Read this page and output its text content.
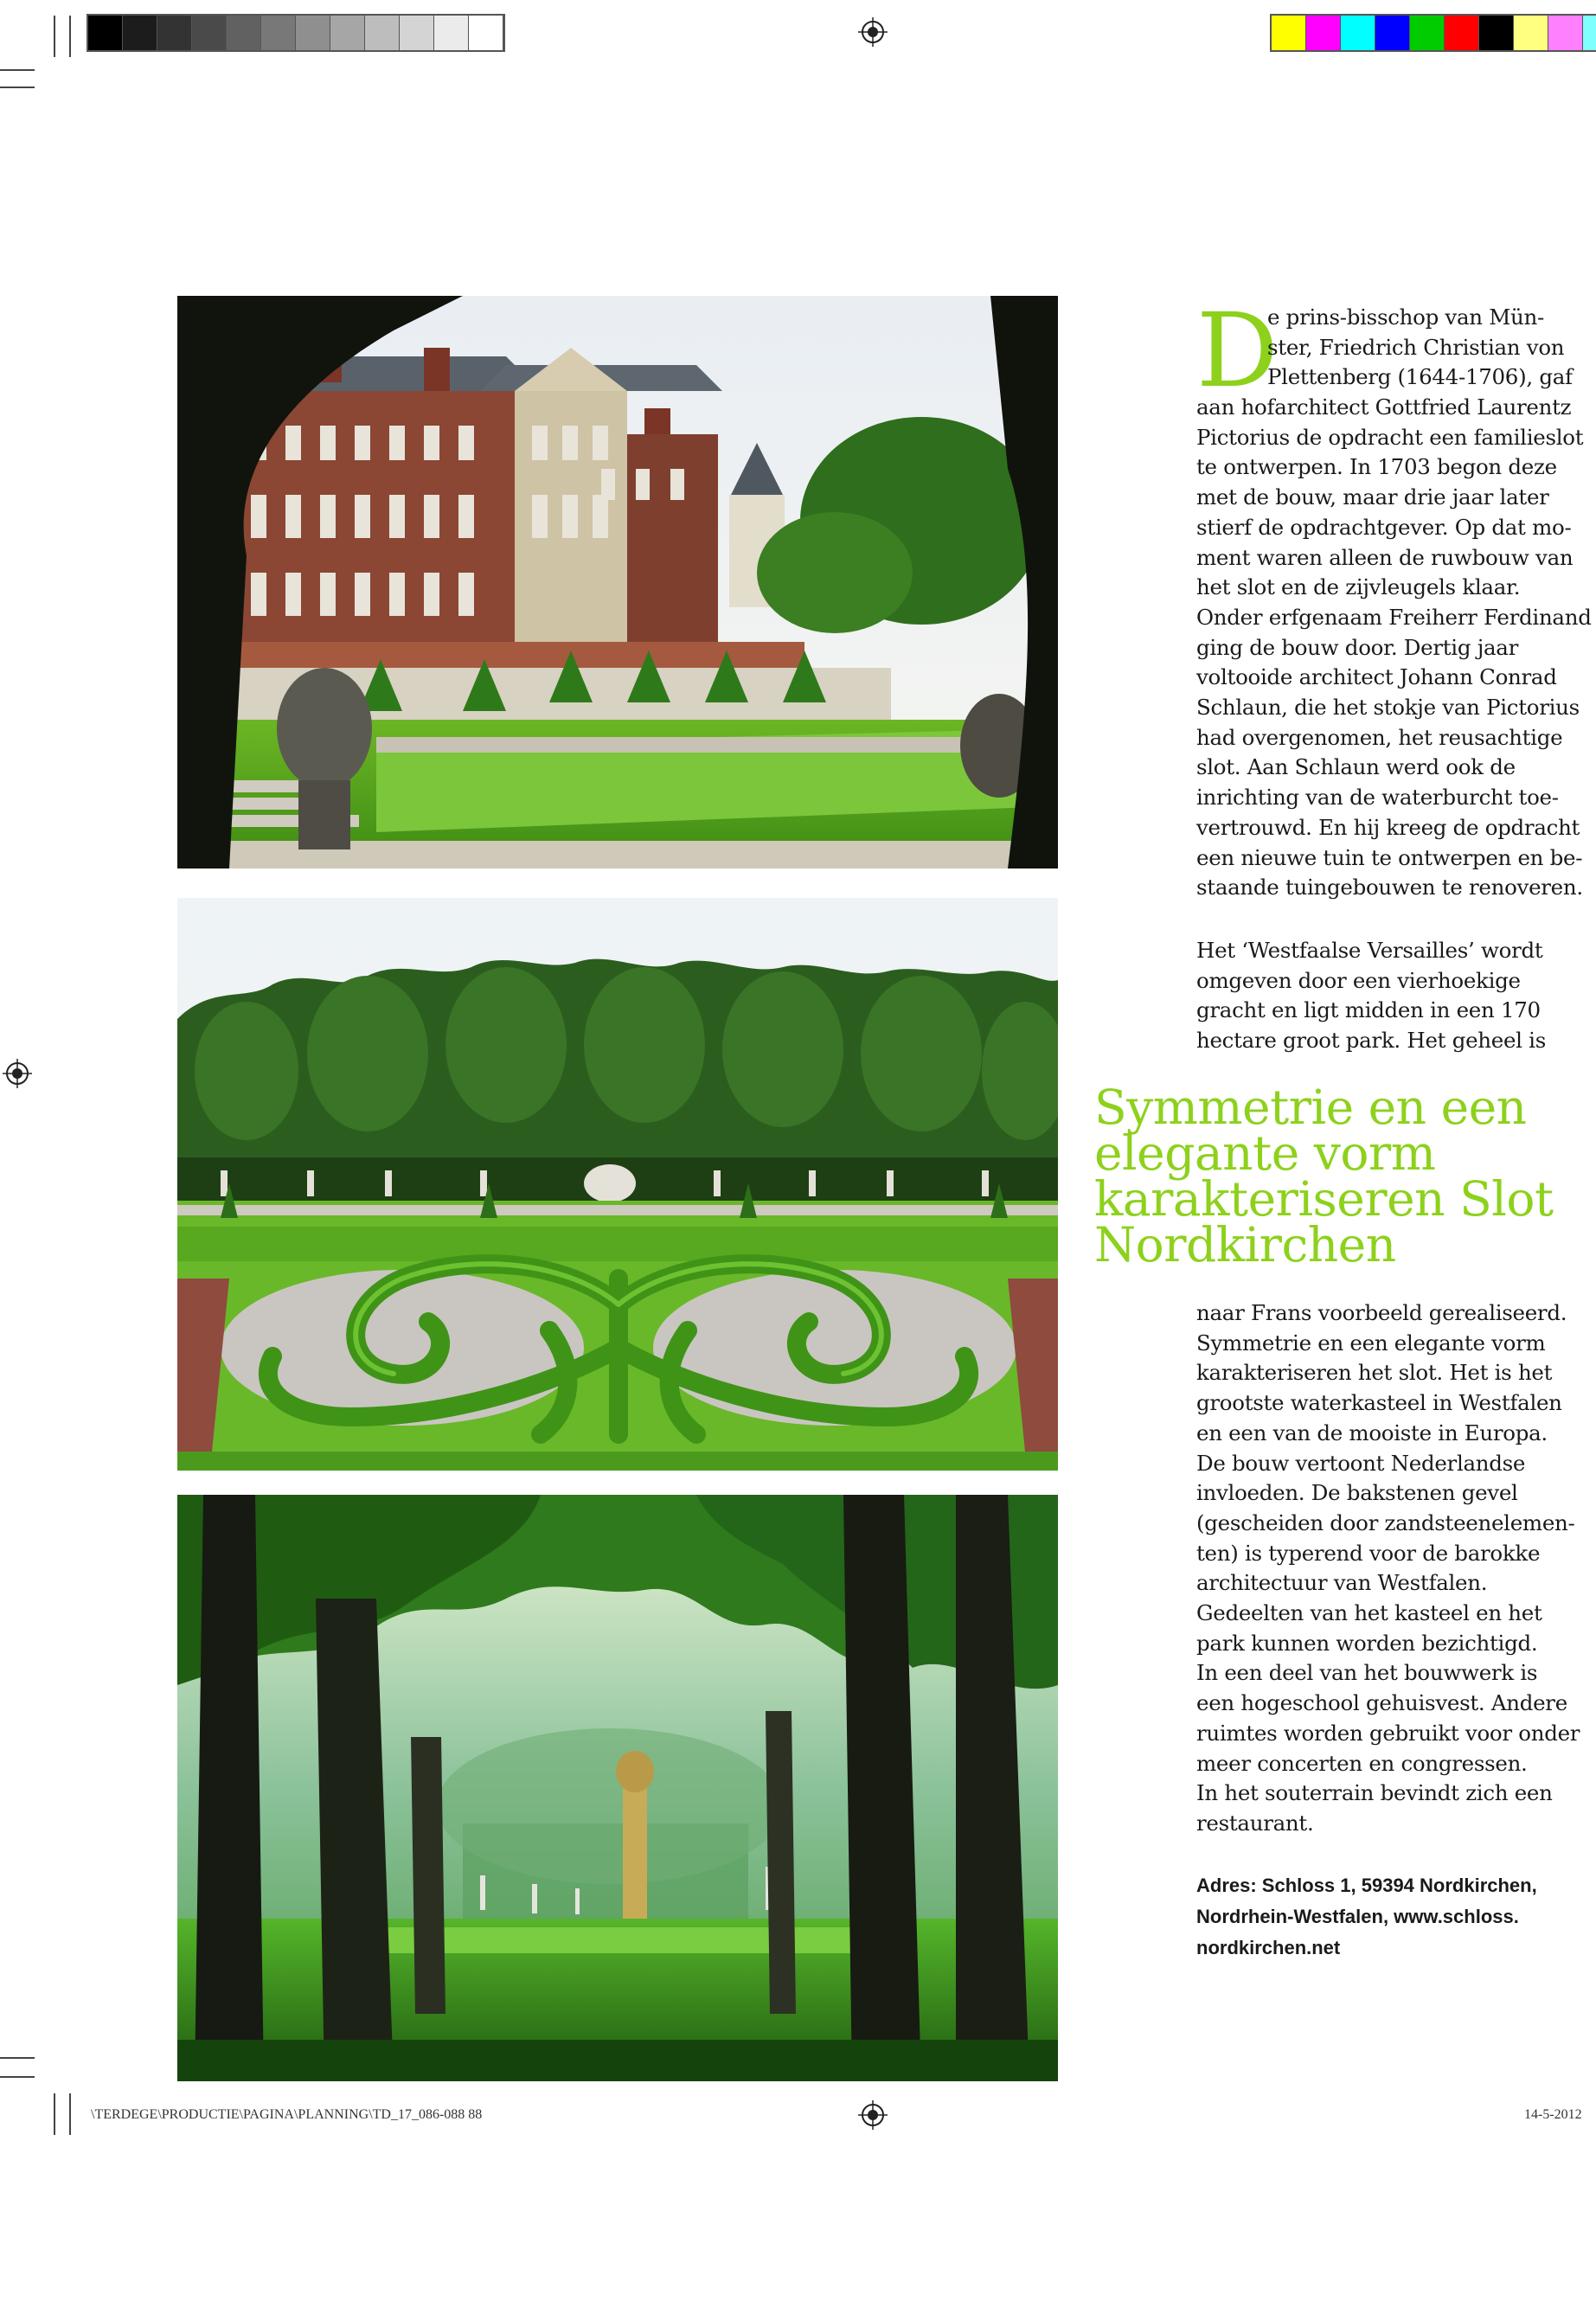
D

e prins-bisschop van Mün-
ster, Friedrich Christian von
Plettenberg (1644-1706), gaf

aan hofarchitect Gottfried Laurentz
Pictorius de opdracht een familieslot
te ontwerpen. In 1703 begon deze
met de bouw, maar drie jaar later
stierf de opdrachtgever. Op dat mo-
ment waren alleen de ruwbouw van
het slot en de zijvleugels klaar.
Onder erfgenaam Freiherr Ferdinand
ging de bouw door. Dertig jaar
voltooide architect Johann Conrad
Schlaun, die het stokje van Pictorius
had overgenomen, het reusachtige
slot. Aan Schlaun werd ook de
inrichting van de waterburcht toe-
vertrouwd. En hij kreeg de opdracht
een nieuwe tuin te ontwerpen en be-
staande tuingebouwen te renoveren.

Het ‘Westfaalse Versailles’ wordt
omgeven door een vierhoekige
gracht en ligt midden in een 170
hectare groot park. Het geheel is

Symmetrie en een
elegante vorm
karakteriseren Slot
Nordkirchen

naar Frans voorbeeld gerealiseerd.
Symmetrie en een elegante vorm
karakteriseren het slot. Het is het
grootste waterkasteel in Westfalen
en een van de mooiste in Europa.
De bouw vertoont Nederlandse
invloeden. De bakstenen gevel
(gescheiden door zandsteenelemen-
ten) is typerend voor de barokke
architectuur van Westfalen.
Gedeelten van het kasteel en het
park kunnen worden bezichtigd.
In een deel van het bouwwerk is
een hogeschool gehuisvest. Andere
ruimtes worden gebruikt voor onder
meer concerten en congressen.
In het souterrain bevindt zich een
restaurant.

Adres: Schloss 1, 59394 Nordkirchen,
Nordrhein-Westfalen, www.schloss.
nordkirchen.net
\TERDEGE\PRODUCTIE\PAGINA\PLANNING\TD_17_086-088 88	14-5-2012
